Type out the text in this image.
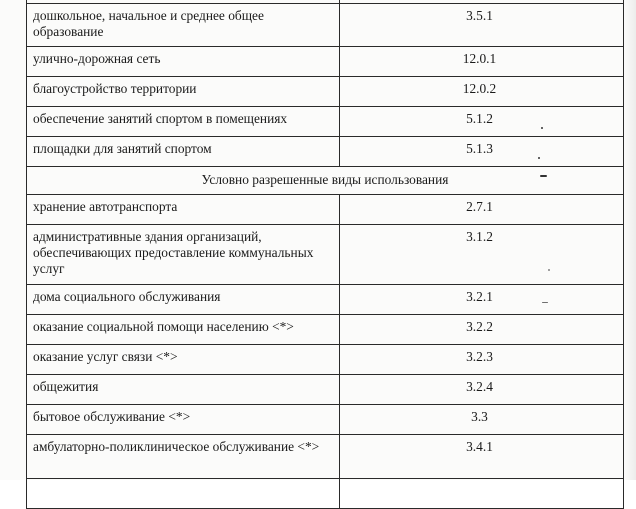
дошкольное, начальное и среднее общее образование	3.5.1
улично-дорожная сеть	12.0.1
благоустройство территории	12.0.2
обеспечение занятий спортом в помещениях	5.1.2
площадки для занятий спортом	5.1.3
Условно разрешенные виды использования	
хранение автотранспорта	2.7.1
административные здания организаций, обеспечивающих предоставление коммунальных услуг	3.1.2
дома социального обслуживания	3.2.1
оказание социальной помощи населению <*>	3.2.2
оказание услуг связи <*>	3.2.3
общежития	3.2.4
бытовое обслуживание <*>	3.3
амбулаторно-поликлиническое обслуживание <*>	3.4.1
